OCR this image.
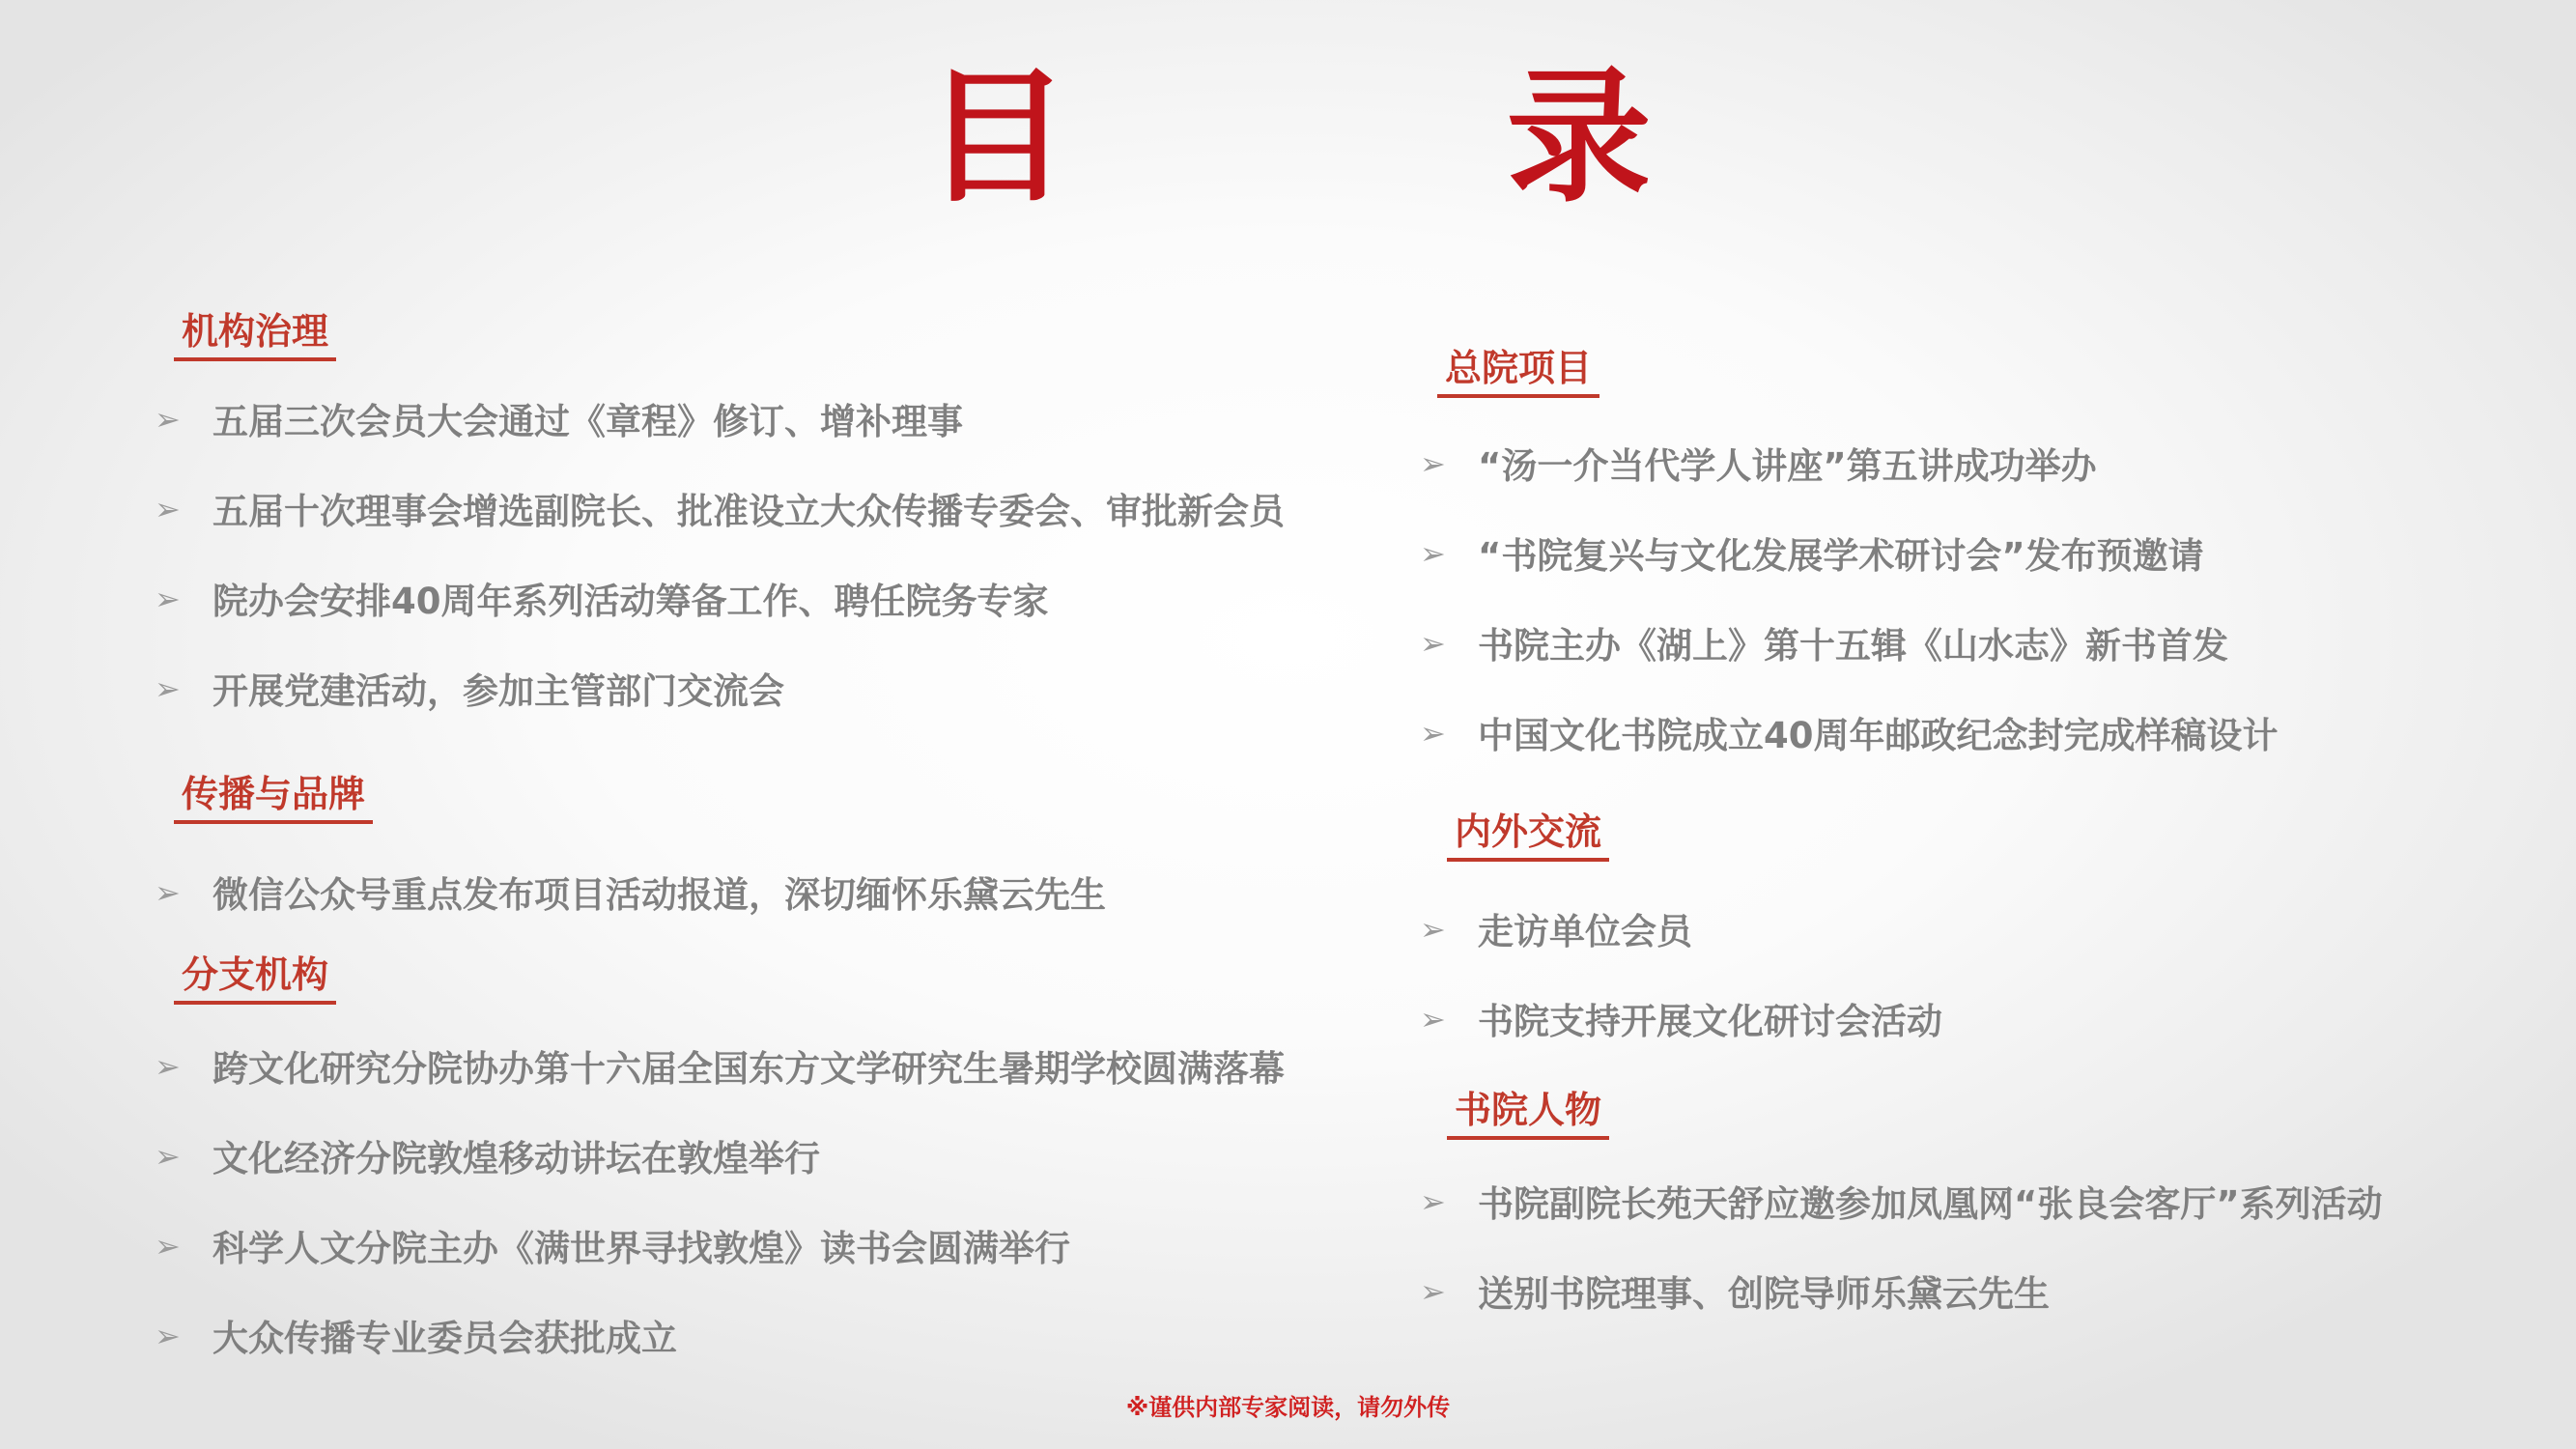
目 录
机构治理
➢ 五届三次会员大会通过《章程》修订、增补理事
➢ 五届十次理事会增选副院长、批准设立大众传播专委会、审批新会员
➢ 院办会安排40周年系列活动筹备工作、聘任院务专家
➢ 开展党建活动，参加主管部门交流会
传播与品牌
➢ 微信公众号重点发布项目活动报道，深切缅怀乐黛云先生
分支机构
➢ 跨文化研究分院协办第十六届全国东方文学研究生暑期学校圆满落幕
➢ 文化经济分院敦煌移动讲坛在敦煌举行
➢ 科学人文分院主办《满世界寻找敦煌》读书会圆满举行
➢ 大众传播专业委员会获批成立
总院项目
➢ “汤一介当代学人讲座”第五讲成功举办
➢ “书院复兴与文化发展学术研讨会”发布预邀请
➢ 书院主办《湖上》第十五辑《山水志》新书首发
➢ 中国文化书院成立40周年邮政纪念封完成样稿设计
内外交流
➢ 走访单位会员
➢ 书院支持开展文化研讨会活动
书院人物
➢ 书院副院长苑天舒应邀参加凤凰网“张良会客厅”系列活动
➢ 送别书院理事、创院导师乐黛云先生
※谨供内部专家阅读，请勿外传
